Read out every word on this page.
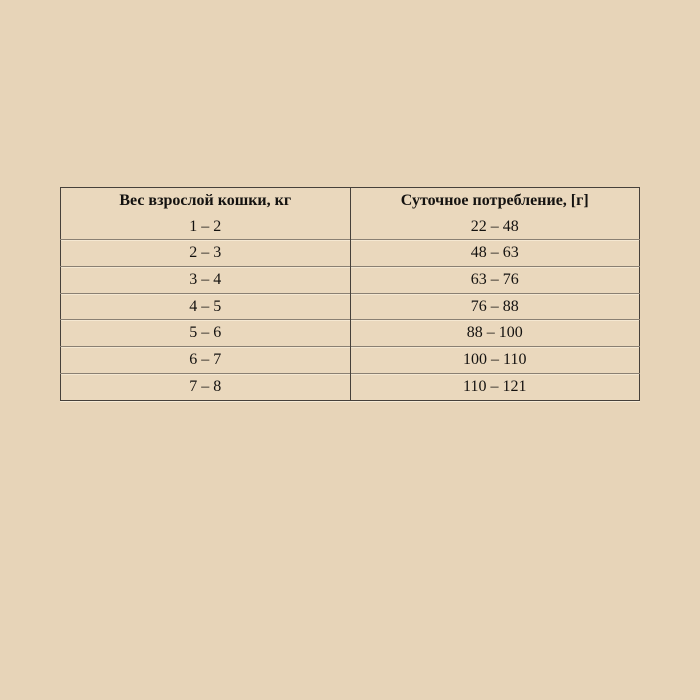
Вес взрослой кошки, кг	Суточное потребление, [г]
1 – 2	22 – 48
2 – 3	48 – 63
3 – 4	63 – 76
4 – 5	76 – 88
5 – 6	88 – 100
6 – 7	100 – 110
7 – 8	110 – 121
